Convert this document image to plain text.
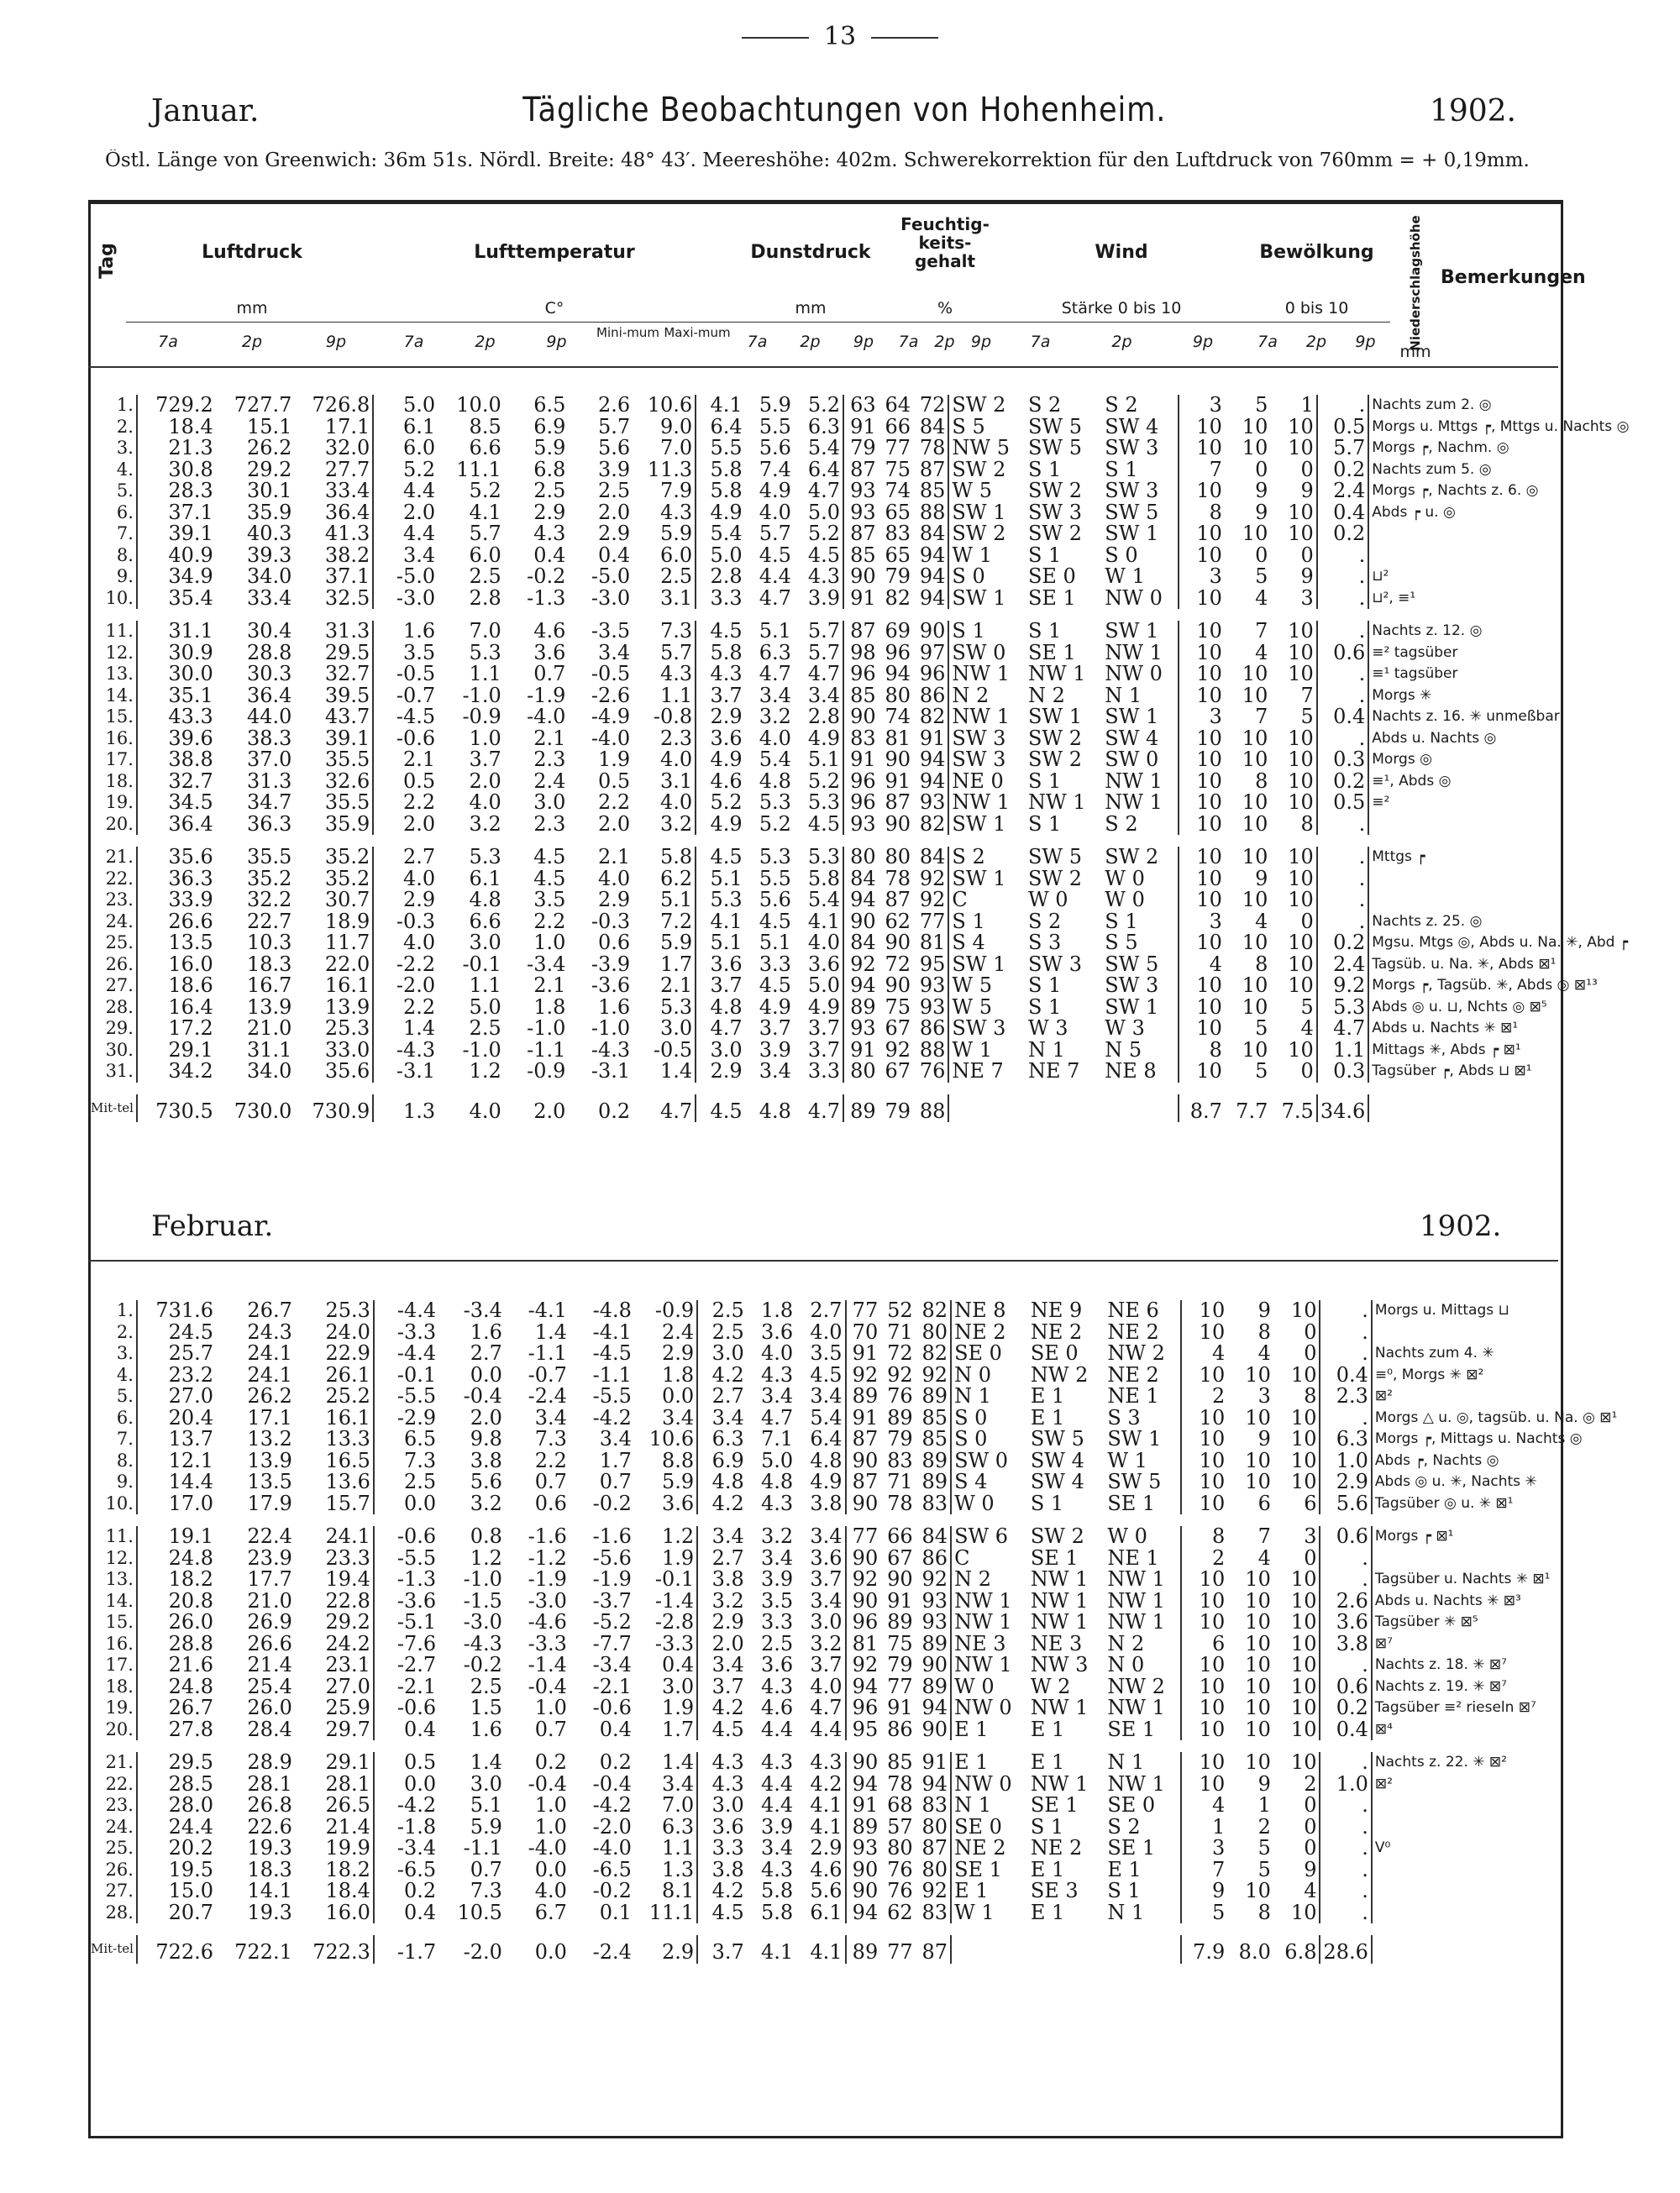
13
Januar.	Tägliche Beobachtungen von Hohenheim.	1902.
Östl. Länge von Greenwich: 36m 51s. Nördl. Breite: 48° 43′. Meereshöhe: 402m. Schwerekorrektion für den Luftdruck von 760mm = + 0,19mm.
Tag	Luftdruck
mm
Lufttemperatur
C°
Dunstdruck
mm
Feuchtig-keits-gehalt
%
Wind
Stärke 0 bis 10
Bewölkung
0 bis 10	Niederschlagshöhe
mm
Bemerkungen
7a	2p	9p	7a	2p	9p	Mini-mum Maxi-mum	7a	2p	9p	7a	2p	9p	7a	2p	9p	7a	2p	9p
1.	729.2	727.7	726.8	5.0	10.0	6.5	2.6	10.6	4.1	5.9	5.2	63	64	72	SW 2	S 2	S 2	3	5	1	.	Nachts zum 2. ◎
2.	18.4	15.1	17.1	6.1	8.5	6.9	5.7	9.0	6.4	5.5	6.3	91	66	84	S 5	SW 5	SW 4	10	10	10	0.5	Morgs u. Mttgs ┍, Mttgs u. Nachts ◎
3.	21.3	26.2	32.0	6.0	6.6	5.9	5.6	7.0	5.5	5.6	5.4	79	77	78	NW 5	SW 5	SW 3	10	10	10	5.7	Morgs ┍, Nachm. ◎
4.	30.8	29.2	27.7	5.2	11.1	6.8	3.9	11.3	5.8	7.4	6.4	87	75	87	SW 2	S 1	S 1	7	0	0	0.2	Nachts zum 5. ◎
5.	28.3	30.1	33.4	4.4	5.2	2.5	2.5	7.9	5.8	4.9	4.7	93	74	85	W 5	SW 2	SW 3	10	9	9	2.4	Morgs ┍, Nachts z. 6. ◎
6.	37.1	35.9	36.4	2.0	4.1	2.9	2.0	4.3	4.9	4.0	5.0	93	65	88	SW 1	SW 3	SW 5	8	9	10	0.4	Abds ┍ u. ◎
7.	39.1	40.3	41.3	4.4	5.7	4.3	2.9	5.9	5.4	5.7	5.2	87	83	84	SW 2	SW 2	SW 1	10	10	10	0.2	
8.	40.9	39.3	38.2	3.4	6.0	0.4	0.4	6.0	5.0	4.5	4.5	85	65	94	W 1	S 1	S 0	10	0	0	.	
9.	34.9	34.0	37.1	-5.0	2.5	-0.2	-5.0	2.5	2.8	4.4	4.3	90	79	94	S 0	SE 0	W 1	3	5	9	.	⊔²
10.	35.4	33.4	32.5	-3.0	2.8	-1.3	-3.0	3.1	3.3	4.7	3.9	91	82	94	SW 1	SE 1	NW 0	10	4	3	.	⊔², ≡¹

11.	31.1	30.4	31.3	1.6	7.0	4.6	-3.5	7.3	4.5	5.1	5.7	87	69	90	S 1	S 1	SW 1	10	7	10	.	Nachts z. 12. ◎
12.	30.9	28.8	29.5	3.5	5.3	3.6	3.4	5.7	5.8	6.3	5.7	98	96	97	SW 0	SE 1	NW 1	10	4	10	0.6	≡² tagsüber
13.	30.0	30.3	32.7	-0.5	1.1	0.7	-0.5	4.3	4.3	4.7	4.7	96	94	96	NW 1	NW 1	NW 0	10	10	10	.	≡¹ tagsüber
14.	35.1	36.4	39.5	-0.7	-1.0	-1.9	-2.6	1.1	3.7	3.4	3.4	85	80	86	N 2	N 2	N 1	10	10	7	.	Morgs ✳
15.	43.3	44.0	43.7	-4.5	-0.9	-4.0	-4.9	-0.8	2.9	3.2	2.8	90	74	82	NW 1	SW 1	SW 1	3	7	5	0.4	Nachts z. 16. ✳ unmeßbar
16.	39.6	38.3	39.1	-0.6	1.0	2.1	-4.0	2.3	3.6	4.0	4.9	83	81	91	SW 3	SW 2	SW 4	10	10	10	.	Abds u. Nachts ◎
17.	38.8	37.0	35.5	2.1	3.7	2.3	1.9	4.0	4.9	5.4	5.1	91	90	94	SW 3	SW 2	SW 0	10	10	10	0.3	Morgs ◎
18.	32.7	31.3	32.6	0.5	2.0	2.4	0.5	3.1	4.6	4.8	5.2	96	91	94	NE 0	S 1	NW 1	10	8	10	0.2	≡¹, Abds ◎
19.	34.5	34.7	35.5	2.2	4.0	3.0	2.2	4.0	5.2	5.3	5.3	96	87	93	NW 1	NW 1	NW 1	10	10	10	0.5	≡²
20.	36.4	36.3	35.9	2.0	3.2	2.3	2.0	3.2	4.9	5.2	4.5	93	90	82	SW 1	S 1	S 2	10	10	8	.	

21.	35.6	35.5	35.2	2.7	5.3	4.5	2.1	5.8	4.5	5.3	5.3	80	80	84	S 2	SW 5	SW 2	10	10	10	.	Mttgs ┍
22.	36.3	35.2	35.2	4.0	6.1	4.5	4.0	6.2	5.1	5.5	5.8	84	78	92	SW 1	SW 2	W 0	10	9	10	.	
23.	33.9	32.2	30.7	2.9	4.8	3.5	2.9	5.1	5.3	5.6	5.4	94	87	92	C	W 0	W 0	10	10	10	.	
24.	26.6	22.7	18.9	-0.3	6.6	2.2	-0.3	7.2	4.1	4.5	4.1	90	62	77	S 1	S 2	S 1	3	4	0	.	Nachts z. 25. ◎
25.	13.5	10.3	11.7	4.0	3.0	1.0	0.6	5.9	5.1	5.1	4.0	84	90	81	S 4	S 3	S 5	10	10	10	0.2	Mgsu. Mtgs ◎, Abds u. Na. ✳, Abd ┍
26.	16.0	18.3	22.0	-2.2	-0.1	-3.4	-3.9	1.7	3.6	3.3	3.6	92	72	95	SW 1	SW 3	SW 5	4	8	10	2.4	Tagsüb. u. Na. ✳, Abds ⊠¹
27.	18.6	16.7	16.1	-2.0	1.1	2.1	-3.6	2.1	3.7	4.5	5.0	94	90	93	W 5	S 1	SW 3	10	10	10	9.2	Morgs ┍, Tagsüb. ✳, Abds ◎ ⊠¹³
28.	16.4	13.9	13.9	2.2	5.0	1.8	1.6	5.3	4.8	4.9	4.9	89	75	93	W 5	S 1	SW 1	10	10	5	5.3	Abds ◎ u. ⊔, Nchts ◎ ⊠⁵
29.	17.2	21.0	25.3	1.4	2.5	-1.0	-1.0	3.0	4.7	3.7	3.7	93	67	86	SW 3	W 3	W 3	10	5	4	4.7	Abds u. Nachts ✳ ⊠¹
30.	29.1	31.1	33.0	-4.3	-1.0	-1.1	-4.3	-0.5	3.0	3.9	3.7	91	92	88	W 1	N 1	N 5	8	10	10	1.1	Mittags ✳, Abds ┍ ⊠¹
31.	34.2	34.0	35.6	-3.1	1.2	-0.9	-3.1	1.4	2.9	3.4	3.3	80	67	76	NE 7	NE 7	NE 8	10	5	0	0.3	Tagsüber ┍, Abds ⊔ ⊠¹

Mit-tel	730.5	730.0	730.9	1.3	4.0	2.0	0.2	4.7	4.5	4.8	4.7	89	79	88				8.7	7.7	7.5	34.6	
Februar.	1902.
1.	731.6	26.7	25.3	-4.4	-3.4	-4.1	-4.8	-0.9	2.5	1.8	2.7	77	52	82	NE 8	NE 9	NE 6	10	9	10	.	Morgs u. Mittags ⊔
2.	24.5	24.3	24.0	-3.3	1.6	1.4	-4.1	2.4	2.5	3.6	4.0	70	71	80	NE 2	NE 2	NE 2	10	8	0	.	
3.	25.7	24.1	22.9	-4.4	2.7	-1.1	-4.5	2.9	3.0	4.0	3.5	91	72	82	SE 0	SE 0	NW 2	4	4	0	.	Nachts zum 4. ✳
4.	23.2	24.1	26.1	-0.1	0.0	-0.7	-1.1	1.8	4.2	4.3	4.5	92	92	92	N 0	NW 2	NE 2	10	10	10	0.4	≡⁰, Morgs ✳ ⊠²
5.	27.0	26.2	25.2	-5.5	-0.4	-2.4	-5.5	0.0	2.7	3.4	3.4	89	76	89	N 1	E 1	NE 1	2	3	8	2.3	⊠²
6.	20.4	17.1	16.1	-2.9	2.0	3.4	-4.2	3.4	3.4	4.7	5.4	91	89	85	S 0	E 1	S 3	10	10	10	.	Morgs △ u. ◎, tagsüb. u. Na. ◎ ⊠¹
7.	13.7	13.2	13.3	6.5	9.8	7.3	3.4	10.6	6.3	7.1	6.4	87	79	85	S 0	SW 5	SW 1	10	9	10	6.3	Morgs ┍, Mittags u. Nachts ◎
8.	12.1	13.9	16.5	7.3	3.8	2.2	1.7	8.8	6.9	5.0	4.8	90	83	89	SW 0	SW 4	W 1	10	10	10	1.0	Abds ┍, Nachts ◎
9.	14.4	13.5	13.6	2.5	5.6	0.7	0.7	5.9	4.8	4.8	4.9	87	71	89	S 4	SW 4	SW 5	10	10	10	2.9	Abds ◎ u. ✳, Nachts ✳
10.	17.0	17.9	15.7	0.0	3.2	0.6	-0.2	3.6	4.2	4.3	3.8	90	78	83	W 0	S 1	SE 1	10	6	6	5.6	Tagsüber ◎ u. ✳ ⊠¹

11.	19.1	22.4	24.1	-0.6	0.8	-1.6	-1.6	1.2	3.4	3.2	3.4	77	66	84	SW 6	SW 2	W 0	8	7	3	0.6	Morgs ┍ ⊠¹
12.	24.8	23.9	23.3	-5.5	1.2	-1.2	-5.6	1.9	2.7	3.4	3.6	90	67	86	C	SE 1	NE 1	2	4	0	.	
13.	18.2	17.7	19.4	-1.3	-1.0	-1.9	-1.9	-0.1	3.8	3.9	3.7	92	90	92	N 2	NW 1	NW 1	10	10	10	.	Tagsüber u. Nachts ✳ ⊠¹
14.	20.8	21.0	22.8	-3.6	-1.5	-3.0	-3.7	-1.4	3.2	3.5	3.4	90	91	93	NW 1	NW 1	NW 1	10	10	10	2.6	Abds u. Nachts ✳ ⊠³
15.	26.0	26.9	29.2	-5.1	-3.0	-4.6	-5.2	-2.8	2.9	3.3	3.0	96	89	93	NW 1	NW 1	NW 1	10	10	10	3.6	Tagsüber ✳ ⊠⁵
16.	28.8	26.6	24.2	-7.6	-4.3	-3.3	-7.7	-3.3	2.0	2.5	3.2	81	75	89	NE 3	NE 3	N 2	6	10	10	3.8	⊠⁷
17.	21.6	21.4	23.1	-2.7	-0.2	-1.4	-3.4	0.4	3.4	3.6	3.7	92	79	90	NW 1	NW 3	N 0	10	10	10	.	Nachts z. 18. ✳ ⊠⁷
18.	24.8	25.4	27.0	-2.1	2.5	-0.4	-2.1	3.0	3.7	4.3	4.0	94	77	89	W 0	W 2	NW 2	10	10	10	0.6	Nachts z. 19. ✳ ⊠⁷
19.	26.7	26.0	25.9	-0.6	1.5	1.0	-0.6	1.9	4.2	4.6	4.7	96	91	94	NW 0	NW 1	NW 1	10	10	10	0.2	Tagsüber ≡² rieseln ⊠⁷
20.	27.8	28.4	29.7	0.4	1.6	0.7	0.4	1.7	4.5	4.4	4.4	95	86	90	E 1	E 1	SE 1	10	10	10	0.4	⊠⁴

21.	29.5	28.9	29.1	0.5	1.4	0.2	0.2	1.4	4.3	4.3	4.3	90	85	91	E 1	E 1	N 1	10	10	10	.	Nachts z. 22. ✳ ⊠²
22.	28.5	28.1	28.1	0.0	3.0	-0.4	-0.4	3.4	4.3	4.4	4.2	94	78	94	NW 0	NW 1	NW 1	10	9	2	1.0	⊠²
23.	28.0	26.8	26.5	-4.2	5.1	1.0	-4.2	7.0	3.0	4.4	4.1	91	68	83	N 1	SE 1	SE 0	4	1	0	.	
24.	24.4	22.6	21.4	-1.8	5.9	1.0	-2.0	6.3	3.6	3.9	4.1	89	57	80	SE 0	S 1	S 2	1	2	0	.	
25.	20.2	19.3	19.9	-3.4	-1.1	-4.0	-4.0	1.1	3.3	3.4	2.9	93	80	87	NE 2	NE 2	SE 1	3	5	0	.	V⁰
26.	19.5	18.3	18.2	-6.5	0.7	0.0	-6.5	1.3	3.8	4.3	4.6	90	76	80	SE 1	E 1	E 1	7	5	9	.	
27.	15.0	14.1	18.4	0.2	7.3	4.0	-0.2	8.1	4.2	5.8	5.6	90	76	92	E 1	SE 3	S 1	9	10	4	.	
28.	20.7	19.3	16.0	0.4	10.5	6.7	0.1	11.1	4.5	5.8	6.1	94	62	83	W 1	E 1	N 1	5	8	10	.	

Mit-tel	722.6	722.1	722.3	-1.7	-2.0	0.0	-2.4	2.9	3.7	4.1	4.1	89	77	87				7.9	8.0	6.8	28.6	
